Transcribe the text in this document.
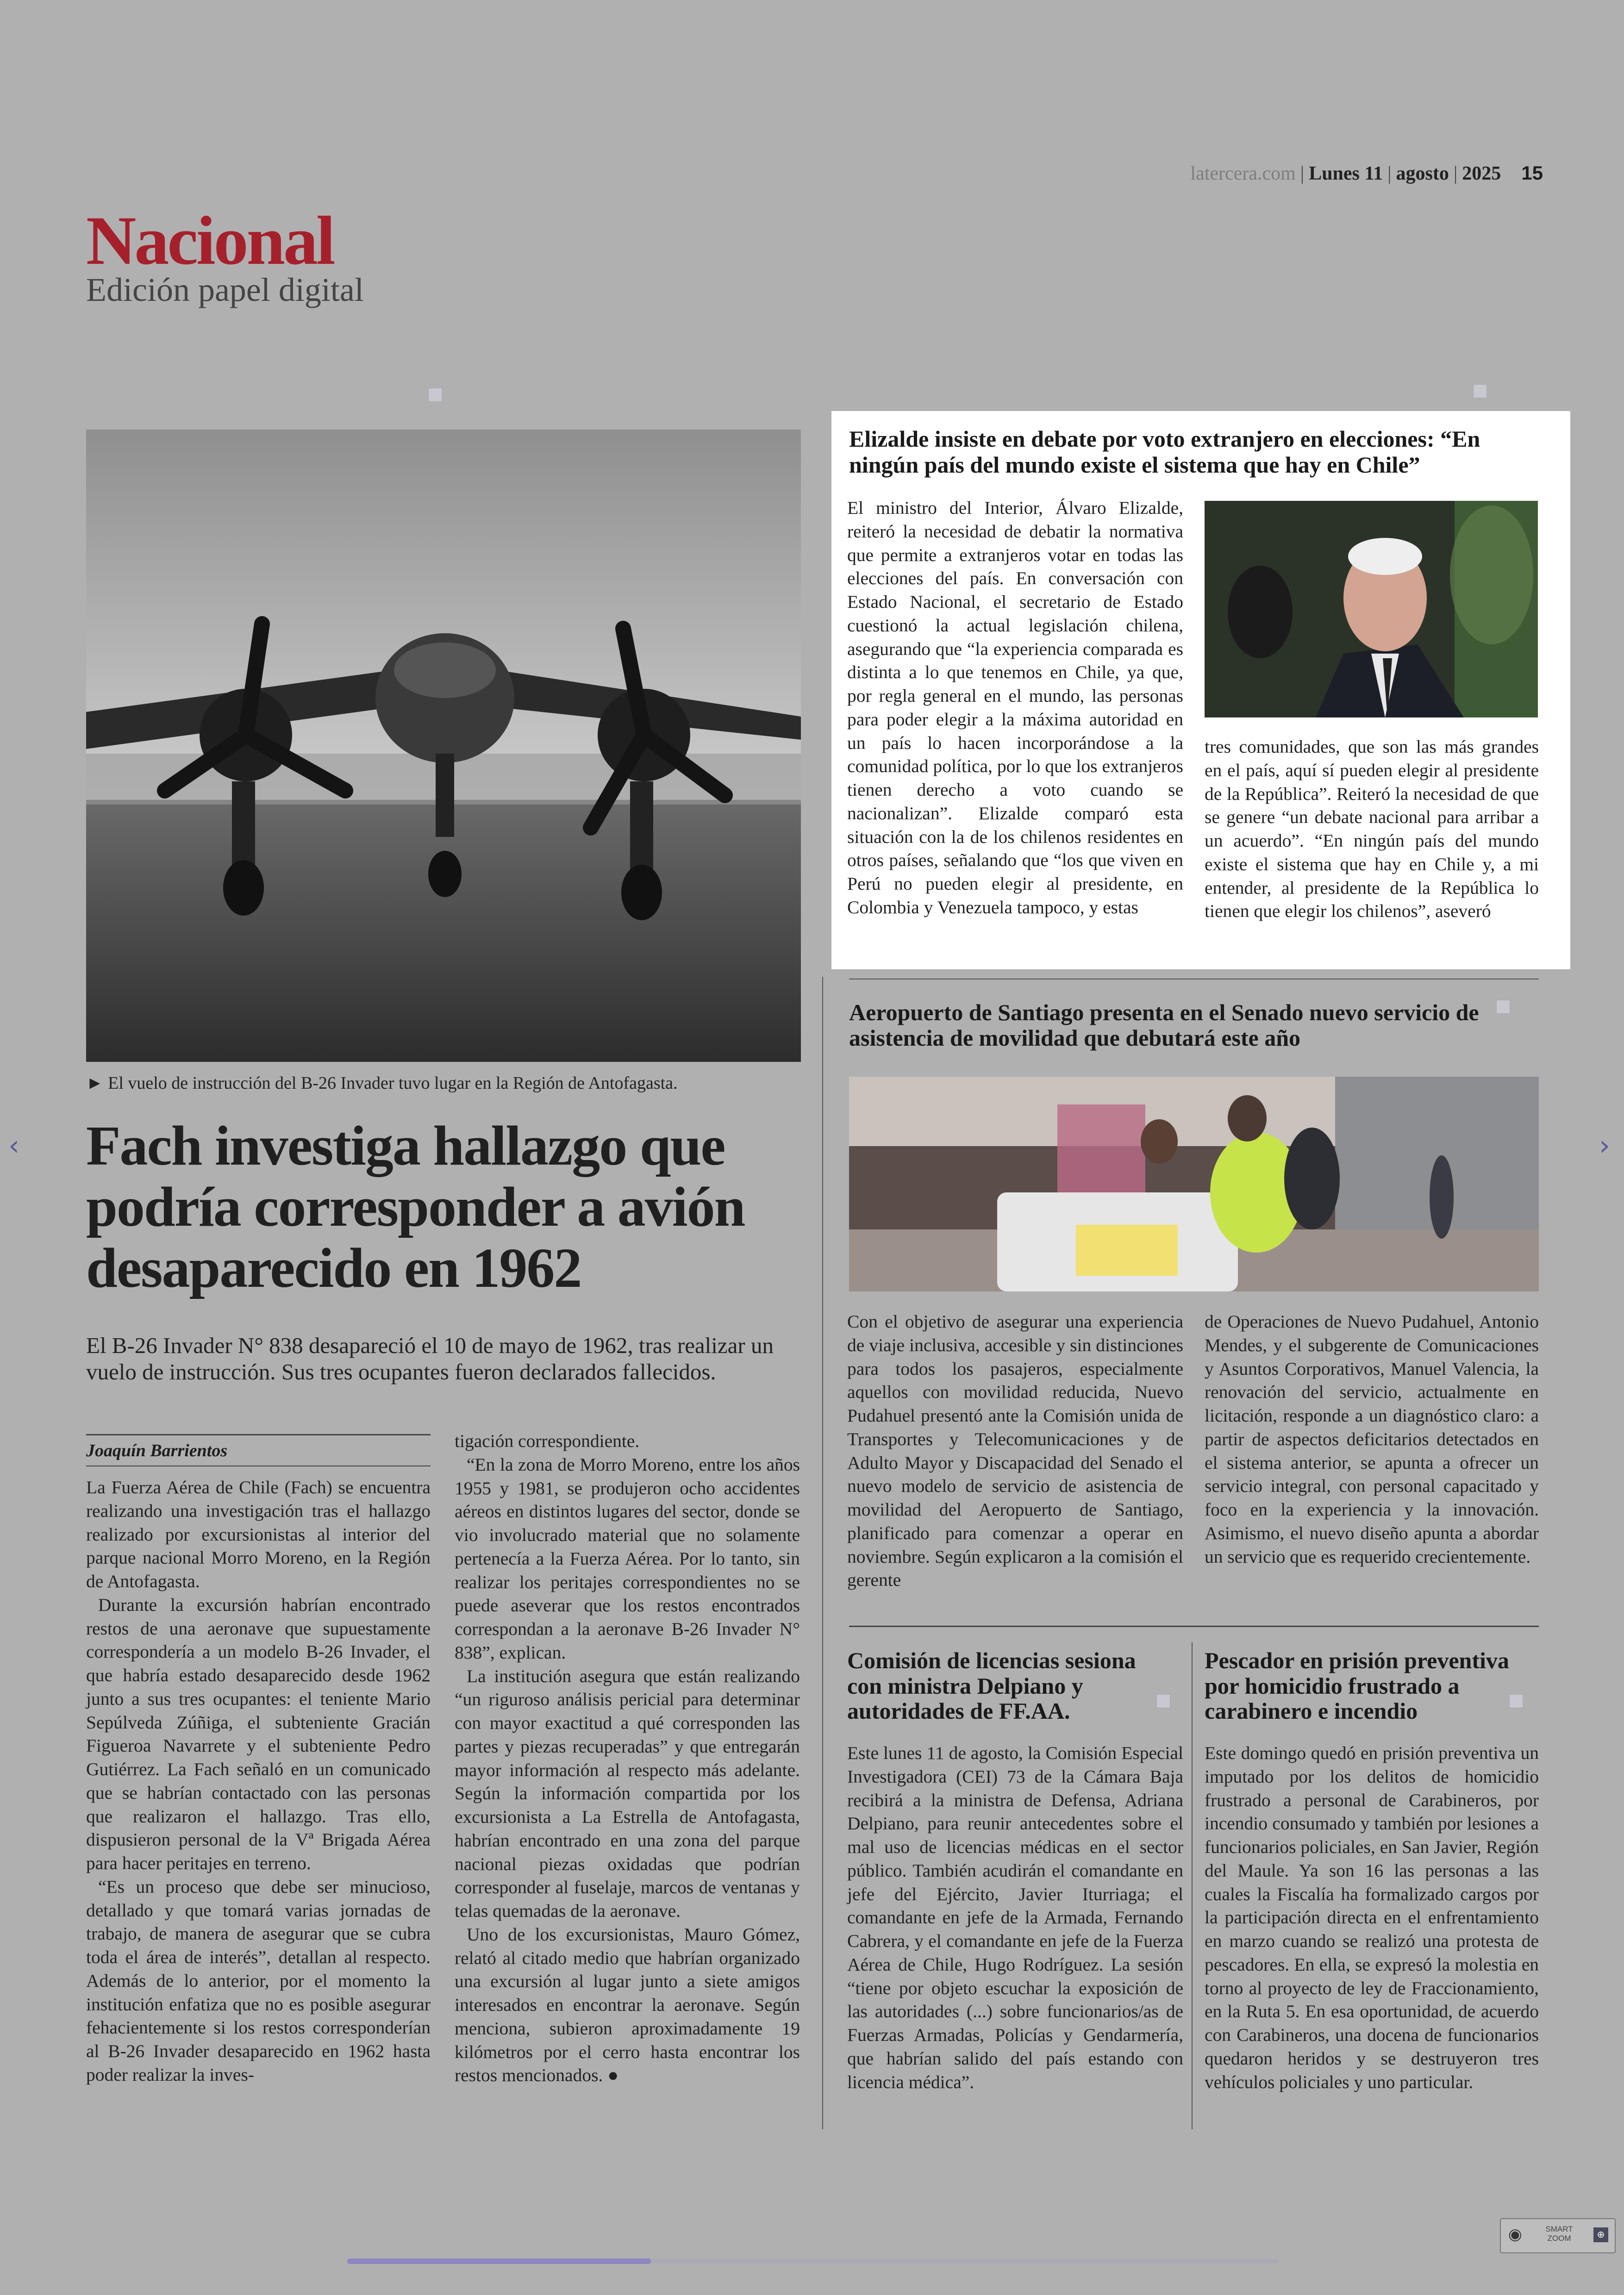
latercera.com | Lunes 11 | agosto | 2025 15
Nacional
Edición papel digital
► El vuelo de instrucción del B-26 Invader tuvo lugar en la Región de Antofagasta.
Fach investiga hallazgo que podría corresponder a avión desaparecido en 1962
El B-26 Invader N° 838 desapareció el 10 de mayo de 1962, tras realizar un vuelo de instrucción. Sus tres ocupantes fueron declarados fallecidos.
Joaquín Barrientos

La Fuerza Aérea de Chile (Fach) se encuentra realizando una investigación tras el hallazgo realizado por excursionistas al interior del parque nacional Morro Moreno, en la Región de Antofagasta.

Durante la excursión habrían encontrado restos de una aeronave que supuestamente correspondería a un modelo B-26 Invader, el que habría estado desaparecido desde 1962 junto a sus tres ocupantes: el teniente Mario Sepúlveda Zúñiga, el subteniente Gracián Figueroa Navarrete y el subteniente Pedro Gutiérrez. La Fach señaló en un comunicado que se habrían contactado con las personas que realizaron el hallazgo. Tras ello, dispusieron personal de la Vª Brigada Aérea para hacer peritajes en terreno.

“Es un proceso que debe ser minucioso, detallado y que tomará varias jornadas de trabajo, de manera de asegurar que se cubra toda el área de interés”, detallan al respecto. Además de lo anterior, por el momento la institución enfatiza que no es posible asegurar fehacientemente si los restos corresponderían al B-26 Invader desaparecido en 1962 hasta poder realizar la inves-

tigación correspondiente.

“En la zona de Morro Moreno, entre los años 1955 y 1981, se produjeron ocho accidentes aéreos en distintos lugares del sector, donde se vio involucrado material que no solamente pertenecía a la Fuerza Aérea. Por lo tanto, sin realizar los peritajes correspondientes no se puede aseverar que los restos encontrados correspondan a la aeronave B-26 Invader N° 838”, explican.

La institución asegura que están realizando “un riguroso análisis pericial para determinar con mayor exactitud a qué corresponden las partes y piezas recuperadas” y que entregarán mayor información al respecto más adelante. Según la información compartida por los excursionista a La Estrella de Antofagasta, habrían encontrado en una zona del parque nacional piezas oxidadas que podrían corresponder al fuselaje, marcos de ventanas y telas quemadas de la aeronave.

Uno de los excursionistas, Mauro Gómez, relató al citado medio que habrían organizado una excursión al lugar junto a siete amigos interesados en encontrar la aeronave. Según menciona, subieron aproximadamente 19 kilómetros por el cerro hasta encontrar los restos mencionados. ●

Elizalde insiste en debate por voto extranjero en elecciones: “En ningún país del mundo existe el sistema que hay en Chile”
El ministro del Interior, Álvaro Elizalde, reiteró la necesidad de debatir la normativa que permite a extranjeros votar en todas las elecciones del país. En conversación con Estado Nacional, el secretario de Estado cuestionó la actual legislación chilena, asegurando que “la experiencia comparada es distinta a lo que tenemos en Chile, ya que, por regla general en el mundo, las personas para poder elegir a la máxima autoridad en un país lo hacen incorporándose a la comunidad política, por lo que los extranjeros tienen derecho a voto cuando se nacionalizan”. Elizalde comparó esta situación con la de los chilenos residentes en otros países, señalando que “los que viven en Perú no pueden elegir al presidente, en Colombia y Venezuela tampoco, y estas
tres comunidades, que son las más grandes en el país, aquí sí pueden elegir al presidente de la República”. Reiteró la necesidad de que se genere “un debate nacional para arribar a un acuerdo”. “En ningún país del mundo existe el sistema que hay en Chile y, a mi entender, al presidente de la República lo tienen que elegir los chilenos”, aseveró
Aeropuerto de Santiago presenta en el Senado nuevo servicio de asistencia de movilidad que debutará este año
Con el objetivo de asegurar una experiencia de viaje inclusiva, accesible y sin distinciones para todos los pasajeros, especialmente aquellos con movilidad reducida, Nuevo Pudahuel presentó ante la Comisión unida de Transportes y Telecomunicaciones y de Adulto Mayor y Discapacidad del Senado el nuevo modelo de servicio de asistencia de movilidad del Aeropuerto de Santiago, planificado para comenzar a operar en noviembre. Según explicaron a la comisión el gerente
de Operaciones de Nuevo Pudahuel, Antonio Mendes, y el subgerente de Comunicaciones y Asuntos Corporativos, Manuel Valencia, la renovación del servicio, actualmente en licitación, responde a un diagnóstico claro: a partir de aspectos deficitarios detectados en el sistema anterior, se apunta a ofrecer un servicio integral, con personal capacitado y foco en la experiencia y la innovación. Asimismo, el nuevo diseño apunta a abordar un servicio que es requerido crecientemente.
Comisión de licencias sesiona con ministra Delpiano y autoridades de FF.AA.
Este lunes 11 de agosto, la Comisión Especial Investigadora (CEI) 73 de la Cámara Baja recibirá a la ministra de Defensa, Adriana Delpiano, para reunir antecedentes sobre el mal uso de licencias médicas en el sector público. También acudirán el comandante en jefe del Ejército, Javier Iturriaga; el comandante en jefe de la Armada, Fernando Cabrera, y el comandante en jefe de la Fuerza Aérea de Chile, Hugo Rodríguez. La sesión “tiene por objeto escuchar la exposición de las autoridades (...) sobre funcionarios/as de Fuerzas Armadas, Policías y Gendarmería, que habrían salido del país estando con licencia médica”.
Pescador en prisión preventiva por homicidio frustrado a carabinero e incendio
Este domingo quedó en prisión preventiva un imputado por los delitos de homicidio frustrado a personal de Carabineros, por incendio consumado y también por lesiones a funcionarios policiales, en San Javier, Región del Maule. Ya son 16 las personas a las cuales la Fiscalía ha formalizado cargos por la participación directa en el enfrentamiento en marzo cuando se realizó una protesta de pescadores. En ella, se expresó la molestia en torno al proyecto de ley de Fraccionamiento, en la Ruta 5. En esa oportunidad, de acuerdo con Carabineros, una docena de funcionarios quedaron heridos y se destruyeron tres vehículos policiales y uno particular.
‹	›
◉	SMART ZOOM	⊕
